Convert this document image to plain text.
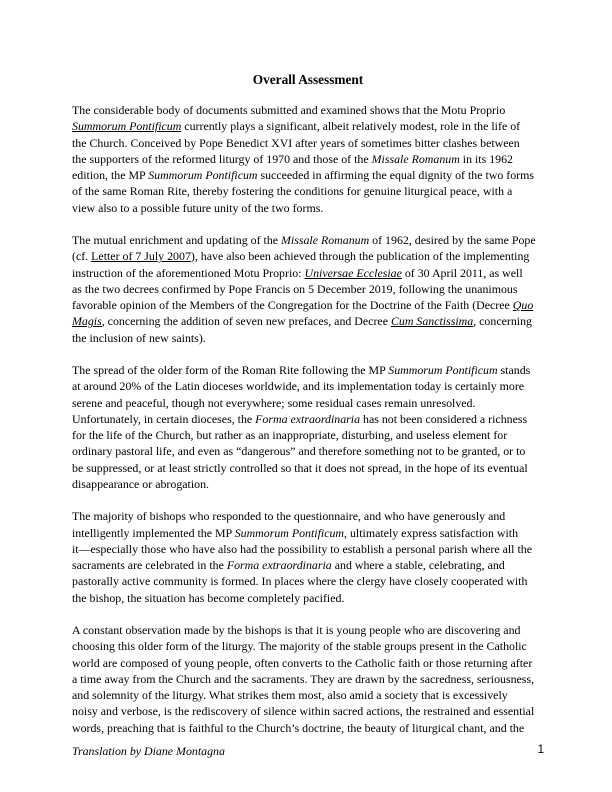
Overall Assessment

The considerable body of documents submitted and examined shows that the Motu Proprio
Summorum Pontificum currently plays a significant, albeit relatively modest, role in the life of
the Church. Conceived by Pope Benedict XVI after years of sometimes bitter clashes between
the supporters of the reformed liturgy of 1970 and those of the Missale Romanum in its 1962
edition, the MP Summorum Pontificum succeeded in affirming the equal dignity of the two forms
of the same Roman Rite, thereby fostering the conditions for genuine liturgical peace, with a
view also to a possible future unity of the two forms.

The mutual enrichment and updating of the Missale Romanum of 1962, desired by the same Pope
(cf. Letter of 7 July 2007), have also been achieved through the publication of the implementing
instruction of the aforementioned Motu Proprio: Universae Ecclesiae of 30 April 2011, as well
as the two decrees confirmed by Pope Francis on 5 December 2019, following the unanimous
favorable opinion of the Members of the Congregation for the Doctrine of the Faith (Decree Quo
Magis, concerning the addition of seven new prefaces, and Decree Cum Sanctissima, concerning
the inclusion of new saints).

The spread of the older form of the Roman Rite following the MP Summorum Pontificum stands
at around 20% of the Latin dioceses worldwide, and its implementation today is certainly more
serene and peaceful, though not everywhere; some residual cases remain unresolved.
Unfortunately, in certain dioceses, the Forma extraordinaria has not been considered a richness
for the life of the Church, but rather as an inappropriate, disturbing, and useless element for
ordinary pastoral life, and even as “dangerous” and therefore something not to be granted, or to
be suppressed, or at least strictly controlled so that it does not spread, in the hope of its eventual
disappearance or abrogation.

The majority of bishops who responded to the questionnaire, and who have generously and
intelligently implemented the MP Summorum Pontificum, ultimately express satisfaction with
it—especially those who have also had the possibility to establish a personal parish where all the
sacraments are celebrated in the Forma extraordinaria and where a stable, celebrating, and
pastorally active community is formed. In places where the clergy have closely cooperated with
the bishop, the situation has become completely pacified.

A constant observation made by the bishops is that it is young people who are discovering and
choosing this older form of the liturgy. The majority of the stable groups present in the Catholic
world are composed of young people, often converts to the Catholic faith or those returning after
a time away from the Church and the sacraments. They are drawn by the sacredness, seriousness,
and solemnity of the liturgy. What strikes them most, also amid a society that is excessively
noisy and verbose, is the rediscovery of silence within sacred actions, the restrained and essential
words, preaching that is faithful to the Church’s doctrine, the beauty of liturgical chant, and the

Translation by Diane Montagna	1
